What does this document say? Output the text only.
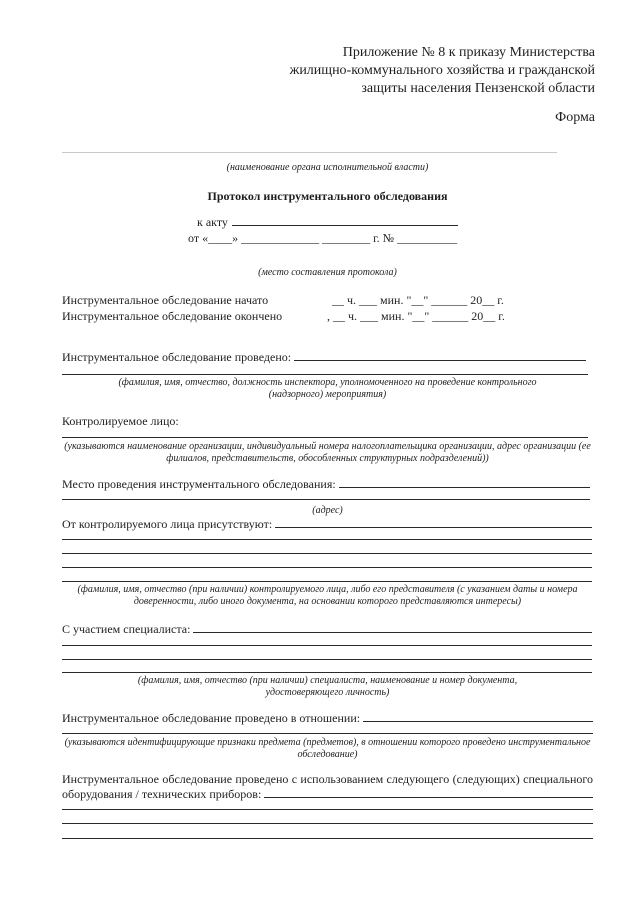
Приложение № 8 к приказу Министерства
жилищно-коммунального хозяйства и гражданской
защиты населения Пензенской области
Форма
(наименование органа исполнительной власти)
Протокол инструментального обследования
к акту
от «____» _____________ ________ г. № __________
(место составления протокола)
Инструментальное обследование начато	__ ч. ___ мин. "__" ______ 20__ г.
Инструментальное обследование окончено	, __ ч. ___ мин. "__" ______ 20__ г.
Инструментальное обследование проведено:
(фамилия, имя, отчество, должность инспектора, уполномоченного на проведение контрольного
(надзорного) мероприятия)
Контролируемое лицо:
(указываются наименование организации, индивидуальный номера налогоплательщика организации, адрес организации (ее
филиалов, представительств, обособленных структурных подразделений))
Место проведения инструментального обследования:
(адрес)
От контролируемого лица присутствуют:
(фамилия, имя, отчество (при наличии) контролируемого лица, либо его представителя (с указанием даты и номера
доверенности, либо иного документа, на основании которого представляются интересы)
С участием специалиста:
(фамилия, имя, отчество (при наличии) специалиста, наименование и номер документа,
удостоверяющего личность)
Инструментальное обследование проведено в отношении:
(указываются идентифицирующие признаки предмета (предметов), в отношении которого проведено инструментальное
обследование)
Инструментальное обследование проведено с использованием следующего (следующих) специального
оборудования / технических приборов:
